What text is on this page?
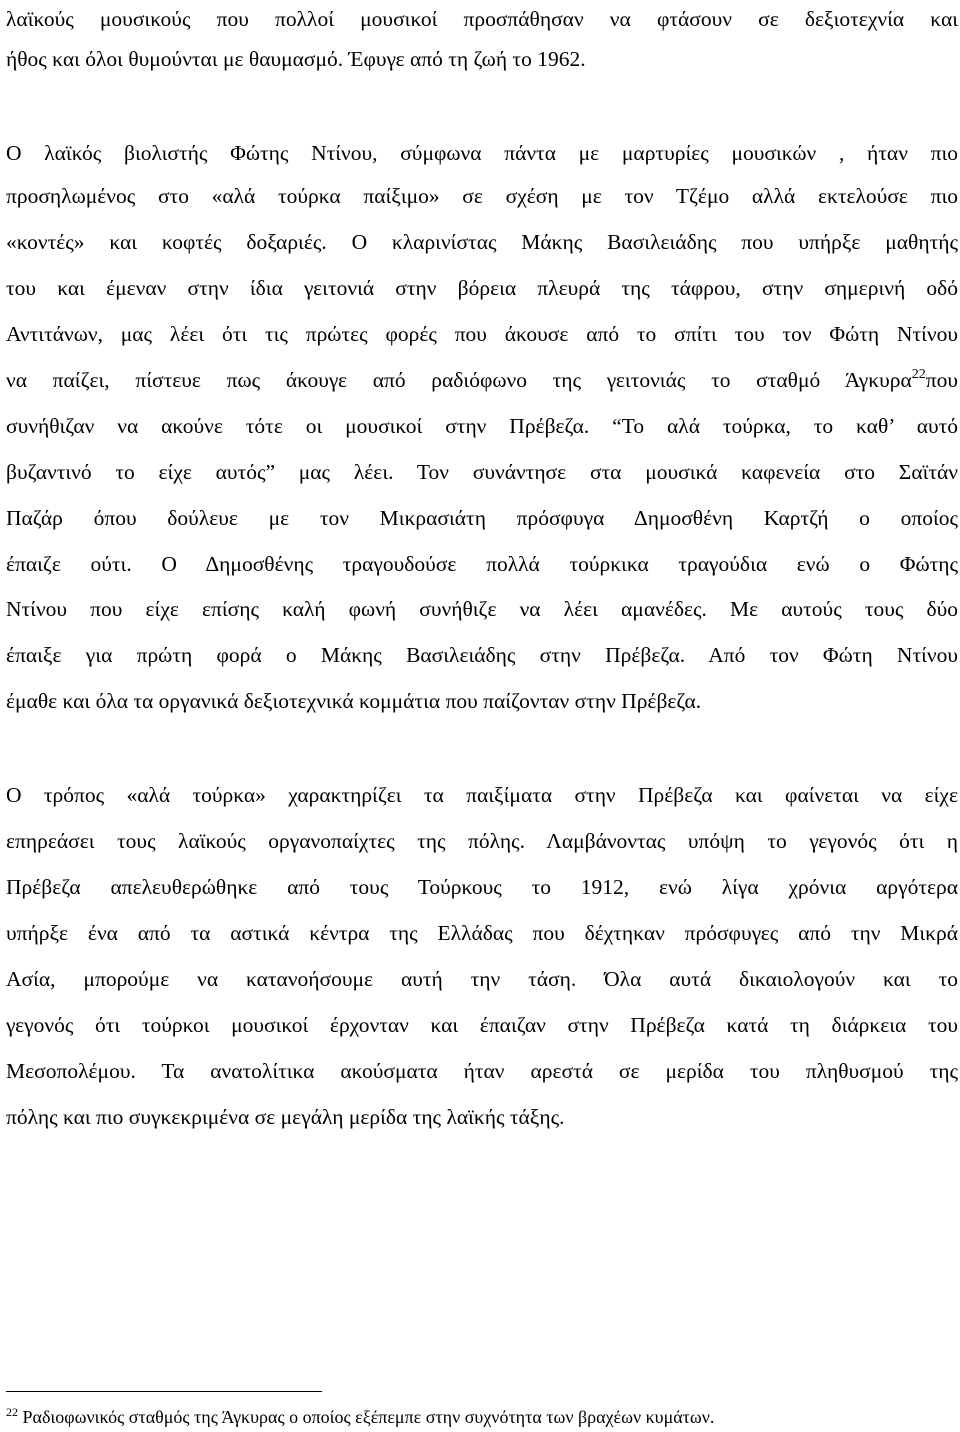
λαϊκούς μουσικούς που πολλοί μουσικοί προσπάθησαν να φτάσουν σε δεξιοτεχνία και
ήθος και όλοι θυμούνται με θαυμασμό. Έφυγε από τη ζωή το 1962.
Ο λαϊκός βιολιστής Φώτης Ντίνου, σύμφωνα πάντα με μαρτυρίες μουσικών , ήταν πιο
προσηλωμένος στο «αλά τούρκα παίξιμο» σε σχέση με τον Τζέμο αλλά εκτελούσε πιο
«κοντές» και κοφτές δοξαριές. Ο κλαρινίστας Μάκης Βασιλειάδης που υπήρξε μαθητής
του και έμεναν στην ίδια γειτονιά στην βόρεια πλευρά της τάφρου, στην σημερινή οδό
Αντιτάνων, μας λέει ότι τις πρώτες φορές που άκουσε από το σπίτι του τον Φώτη Ντίνου
να παίζει, πίστευε πως άκουγε από ραδιόφωνο της γειτονιάς το σταθμό Άγκυρα$^{22}$που
συνήθιζαν να ακούνε τότε οι μουσικοί στην Πρέβεζα. “Το αλά τούρκα, το καθ’ αυτό
βυζαντινό το είχε αυτός” μας λέει. Τον συνάντησε στα μουσικά καφενεία στο Σαϊτάν
Παζάρ όπου δούλευε με τον Μικρασιάτη πρόσφυγα Δημοσθένη Καρτζή ο οποίος
έπαιζε ούτι. Ο Δημοσθένης τραγουδούσε πολλά τούρκικα τραγούδια ενώ ο Φώτης
Ντίνου που είχε επίσης καλή φωνή συνήθιζε να λέει αμανέδες. Με αυτούς τους δύο
έπαιξε για πρώτη φορά ο Μάκης Βασιλειάδης στην Πρέβεζα. Από τον Φώτη Ντίνου
έμαθε και όλα τα οργανικά δεξιοτεχνικά κομμάτια που παίζονταν στην Πρέβεζα.
Ο τρόπος «αλά τούρκα» χαρακτηρίζει τα παιξίματα στην Πρέβεζα και φαίνεται να είχε
επηρεάσει τους λαϊκούς οργανοπαίχτες της πόλης. Λαμβάνοντας υπόψη το γεγονός ότι η
Πρέβεζα απελευθερώθηκε από τους Τούρκους το 1912, ενώ λίγα χρόνια αργότερα
υπήρξε ένα από τα αστικά κέντρα της Ελλάδας που δέχτηκαν πρόσφυγες από την Μικρά
Ασία, μπορούμε να κατανοήσουμε αυτή την τάση. Όλα αυτά δικαιολογούν και το
γεγονός ότι τούρκοι μουσικοί έρχονταν και έπαιζαν στην Πρέβεζα κατά τη διάρκεια του
Μεσοπολέμου. Τα ανατολίτικα ακούσματα ήταν αρεστά σε μερίδα του πληθυσμού της
πόλης και πιο συγκεκριμένα σε μεγάλη μερίδα της λαϊκής τάξης.
$^{22}$ Ραδιοφωνικός σταθμός της Άγκυρας ο οποίος εξέπεμπε στην συχνότητα των βραχέων κυμάτων.
